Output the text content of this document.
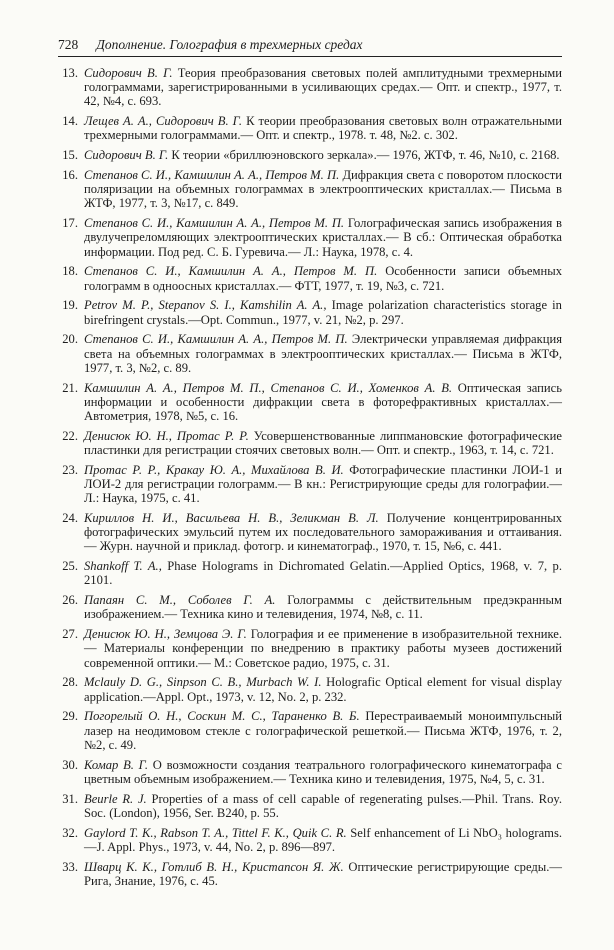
728 Дополнение. Голография в трехмерных средах
13. Сидорович В. Г. Теория преобразования световых полей амплитудными трехмерными голограммами, зарегистрированными в усиливающих средах.— Опт. и спектр., 1977, т. 42, №4, с. 693.
14. Лещев А. А., Сидорович В. Г. К теории преобразования световых волн отражательными трехмерными голограммами.— Опт. и спектр., 1978. т. 48, №2. с. 302.
15. Сидорович В. Г. К теории «бриллюэновского зеркала».— 1976, ЖТФ, т. 46, №10, с. 2168.
16. Степанов С. И., Камшилин А. А., Петров М. П. Дифракция света с поворотом плоскости поляризации на объемных голограммах в электрооптических кристаллах.— Письма в ЖТФ, 1977, т. 3, №17, с. 849.
17. Степанов С. И., Камшилин А. А., Петров М. П. Голографическая запись изображения в двулучепреломляющих электрооптических кристаллах.— В сб.: Оптическая обработка информации. Под ред. С. Б. Гуревича.— Л.: Наука, 1978, с. 4.
18. Степанов С. И., Камшилин А. А., Петров М. П. Особенности записи объемных голограмм в одноосных кристаллах.— ФТТ, 1977, т. 19, №3, с. 721.
19. Petrov M. P., Stepanov S. I., Kamshilin A. A., Image polarization characteristics storage in birefringent crystals.—Opt. Commun., 1977, v. 21, №2, p. 297.
20. Степанов С. И., Камшилин А. А., Петров М. П. Электрически управляемая дифракция света на объемных голограммах в электрооптических кристаллах.— Письма в ЖТФ, 1977, т. 3, №2, с. 89.
21. Камшилин А. А., Петров М. П., Степанов С. И., Хоменков А. В. Оптическая запись информации и особенности дифракции света в фоторефрактивных кристаллах.— Автометрия, 1978, №5, с. 16.
22. Денисюк Ю. Н., Протас Р. Р. Усовершенствованные липпмановские фотографические пластинки для регистрации стоячих световых волн.— Опт. и спектр., 1963, т. 14, с. 721.
23. Протас Р. Р., Кракау Ю. А., Михайлова В. И. Фотографические пластинки ЛОИ-1 и ЛОИ-2 для регистрации голограмм.— В кн.: Регистрирующие среды для голографии.— Л.: Наука, 1975, с. 41.
24. Кириллов Н. И., Васильева Н. В., Зеликман В. Л. Получение концентрированных фотографических эмульсий путем их последовательного замораживания и оттаивания.— Журн. научной и приклад. фотогр. и кинематограф., 1970, т. 15, №6, с. 441.
25. Shankoff T. A., Phase Holograms in Dichromated Gelatin.—Applied Optics, 1968, v. 7, p. 2101.
26. Папаян С. М., Соболев Г. А. Голограммы с действительным предэкранным изображением.— Техника кино и телевидения, 1974, №8, с. 11.
27. Денисюк Ю. Н., Земцова Э. Г. Голография и ее применение в изобразительной технике.— Материалы конференции по внедрению в практику работы музеев достижений современной оптики.— М.: Советское радио, 1975, с. 31.
28. Mclauly D. G., Sinpson C. B., Murbach W. I. Holografic Optical element for visual display application.—Appl. Opt., 1973, v. 12, No. 2, p. 232.
29. Погорелый О. Н., Соскин М. С., Тараненко В. Б. Перестраиваемый моноимпульсный лазер на неодимовом стекле с голографической решеткой.— Письма ЖТФ, 1976, т. 2, №2, с. 49.
30. Комар В. Г. О возможности создания театрального голографического кинематографа с цветным объемным изображением.— Техника кино и телевидения, 1975, №4, 5, с. 31.
31. Beurle R. J. Properties of a mass of cell capable of regenerating pulses.—Phil. Trans. Roy. Soc. (London), 1956, Ser. B240, p. 55.
32. Gaylord T. K., Rabson T. A., Tittel F. K., Quik C. R. Self enhancement of Li NbO₃ holograms.—J. Appl. Phys., 1973, v. 44, No. 2, p. 896—897.
33. Шварц К. К., Готлиб В. Н., Кристапсон Я. Ж. Оптические регистрирующие среды.— Рига, Знание, 1976, с. 45.
